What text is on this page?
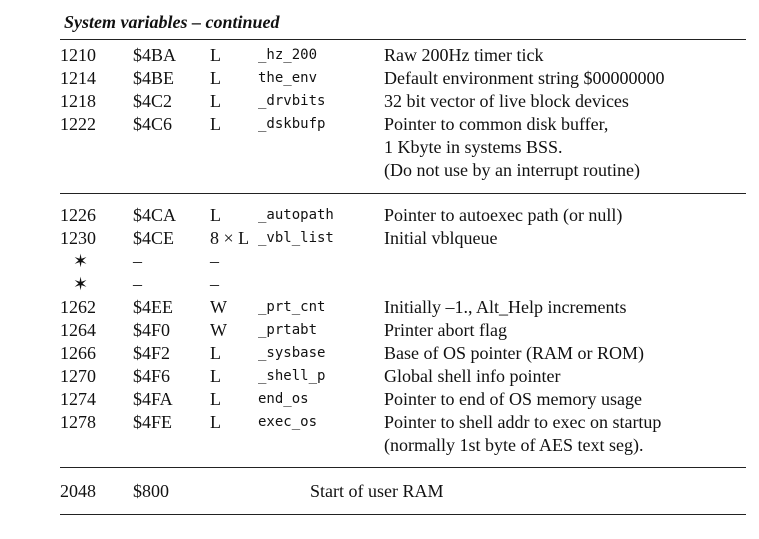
System variables – continued
1210 $4BA L	_hz_200	Raw 200Hz timer tick
1214 $4BE L	the_env	Default environment string $00000000
1218 $4C2 L	_drvbits	32 bit vector of live block devices
1222 $4C6 L	_dskbufp	Pointer to common disk buffer,
1 Kbyte in systems BSS.
(Do not use by an interrupt routine)
1226 $4CA L	_autopath	Pointer to autoexec path (or null)
1230 $4CE 8 × L _vbl_list	Initial vblqueue
✶ –	–
✶ –	–
1262 $4EE W _prt_cnt	Initially –1., Alt_Help increments
1264 $4F0 W _prtabt	Printer abort flag
1266 $4F2 L	_sysbase	Base of OS pointer (RAM or ROM)
1270 $4F6 L	_shell_p	Global shell info pointer
1274 $4FA L	end_os	Pointer to end of OS memory usage
1278 $4FE L	exec_os	Pointer to shell addr to exec on startup
(normally 1st byte of AES text seg).
2048 $800	Start of user RAM
